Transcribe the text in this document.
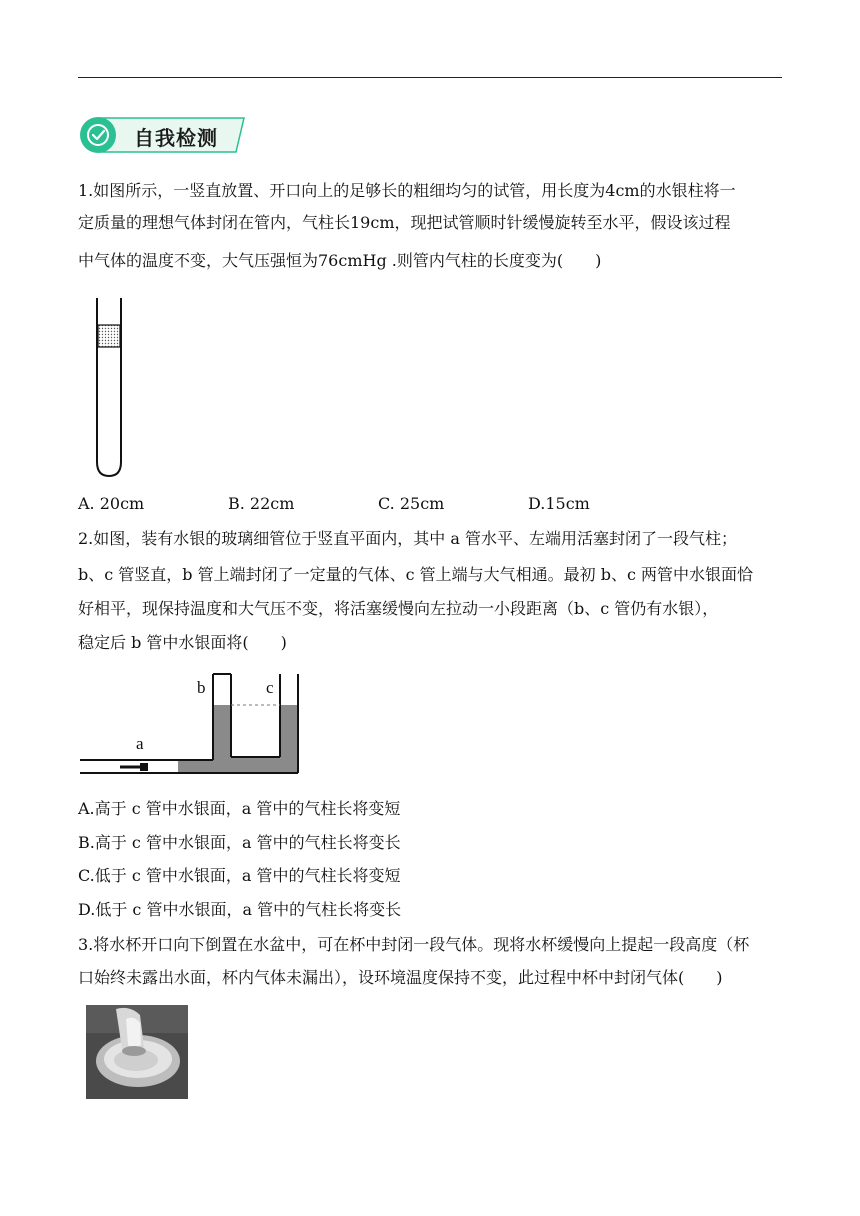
自我检测
1.如图所示，一竖直放置、开口向上的足够长的粗细均匀的试管，用长度为4cm的水银柱将一
定质量的理想气体封闭在管内，气柱长19cm，现把试管顺时针缓慢旋转至水平，假设该过程
中气体的温度不变，大气压强恒为76cmHg .则管内气柱的长度变为(　　)
A. 20cm	B. 22cm	C. 25cm	D.15cm
2.如图，装有水银的玻璃细管位于竖直平面内，其中 a 管水平、左端用活塞封闭了一段气柱；
b、c 管竖直，b 管上端封闭了一定量的气体、c 管上端与大气相通。最初 b、c 两管中水银面恰
好相平，现保持温度和大气压不变，将活塞缓慢向左拉动一小段距离（b、c 管仍有水银），
稳定后 b 管中水银面将(　　)
a
b	c
A.高于 c 管中水银面，a 管中的气柱长将变短
B.高于 c 管中水银面，a 管中的气柱长将变长
C.低于 c 管中水银面，a 管中的气柱长将变短
D.低于 c 管中水银面，a 管中的气柱长将变长
3.将水杯开口向下倒置在水盆中，可在杯中封闭一段气体。现将水杯缓慢向上提起一段高度（杯
口始终未露出水面，杯内气体未漏出），设环境温度保持不变，此过程中杯中封闭气体(　　)
